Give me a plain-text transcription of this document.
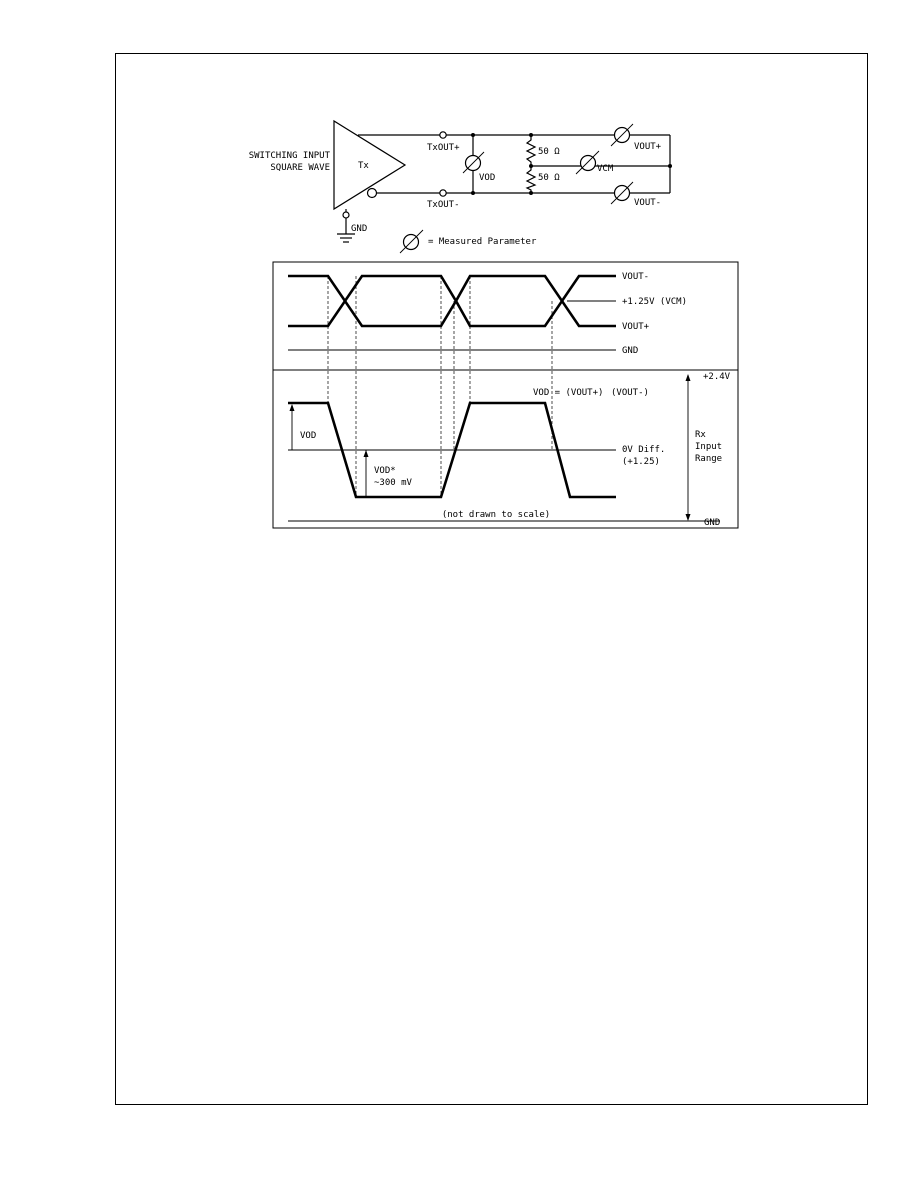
SWITCHING INPUT
SQUARE WAVE	Tx
TxOUT+
TxOUT-
VOD
50 Ω
50 Ω
VCM
VOUT+
VOUT-
GND
= Measured Parameter
VOUT-
+1.25V (VCM)
VOUT+
GND
VOD
VOD*
~300 mV
VOD = (VOUT+) (VOUT-)
0V Diff.
(+1.25)
+2.4V
Rx
Input
Range
GND
(not drawn to scale)
